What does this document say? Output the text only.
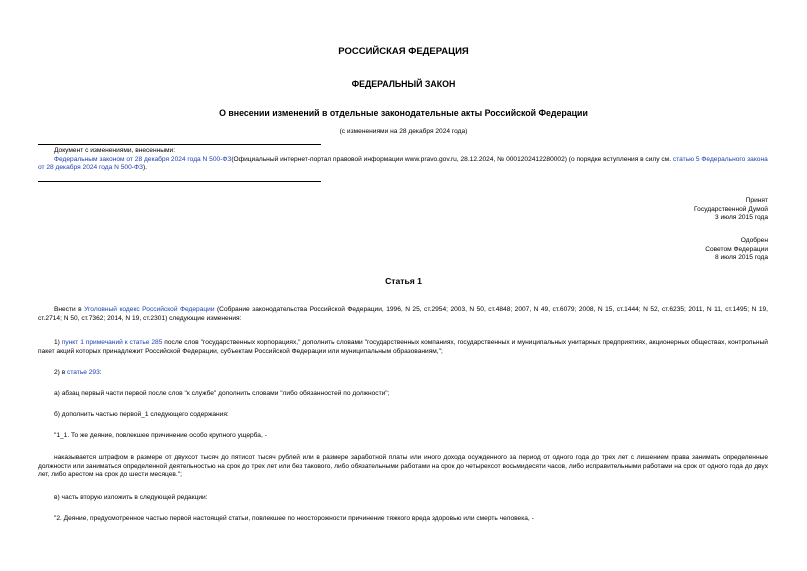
РОССИЙСКАЯ ФЕДЕРАЦИЯ
ФЕДЕРАЛЬНЫЙ ЗАКОН
О внесении изменений в отдельные законодательные акты Российской Федерации
(с изменениями на 28 декабря 2024 года)
Документ с изменениями, внесенными:
Федеральным законом от 28 декабря 2024 года N 500-ФЗ(Официальный интернет-портал правовой информации www.pravo.gov.ru, 28.12.2024, № 0001202412280002) (о порядке вступления в силу см. статью 5 Федерального закона от 28 декабря 2024 года N 500-ФЗ).
Принят
Государственной Думой
3 июля 2015 года
Одобрен
Советом Федерации
8 июля 2015 года
Статья 1
Внести в Уголовный кодекс Российской Федерации (Собрание законодательства Российской Федерации, 1996, N 25, ст.2954; 2003, N 50, ст.4848; 2007, N 49, ст.6079; 2008, N 15, ст.1444; N 52, ст.6235; 2011, N 11, ст.1495; N 19, ст.2714; N 50, ст.7362; 2014, N 19, ст.2301) следующие изменения:
1) пункт 1 примечаний к статье 285 после слов "государственных корпорациях," дополнить словами "государственных компаниях, государственных и муниципальных унитарных предприятиях, акционерных обществах, контрольный пакет акций которых принадлежит Российской Федерации, субъектам Российской Федерации или муниципальным образованиям,";
2) в статье 293:
а) абзац первый части первой после слов "к службе" дополнить словами "либо обязанностей по должности";
б) дополнить частью первой_1 следующего содержания:
"1_1. То же деяние, повлекшее причинение особо крупного ущерба, -
наказывается штрафом в размере от двухсот тысяч до пятисот тысяч рублей или в размере заработной платы или иного дохода осужденного за период от одного года до трех лет с лишением права занимать определенные должности или заниматься определенной деятельностью на срок до трех лет или без такового, либо обязательными работами на срок до четырехсот восьмидесяти часов, либо исправительными работами на срок от одного года до двух лет, либо арестом на срок до шести месяцев.";
в) часть вторую изложить в следующей редакции:
"2. Деяние, предусмотренное частью первой настоящей статьи, повлекшее по неосторожности причинение тяжкого вреда здоровью или смерть человека, -
